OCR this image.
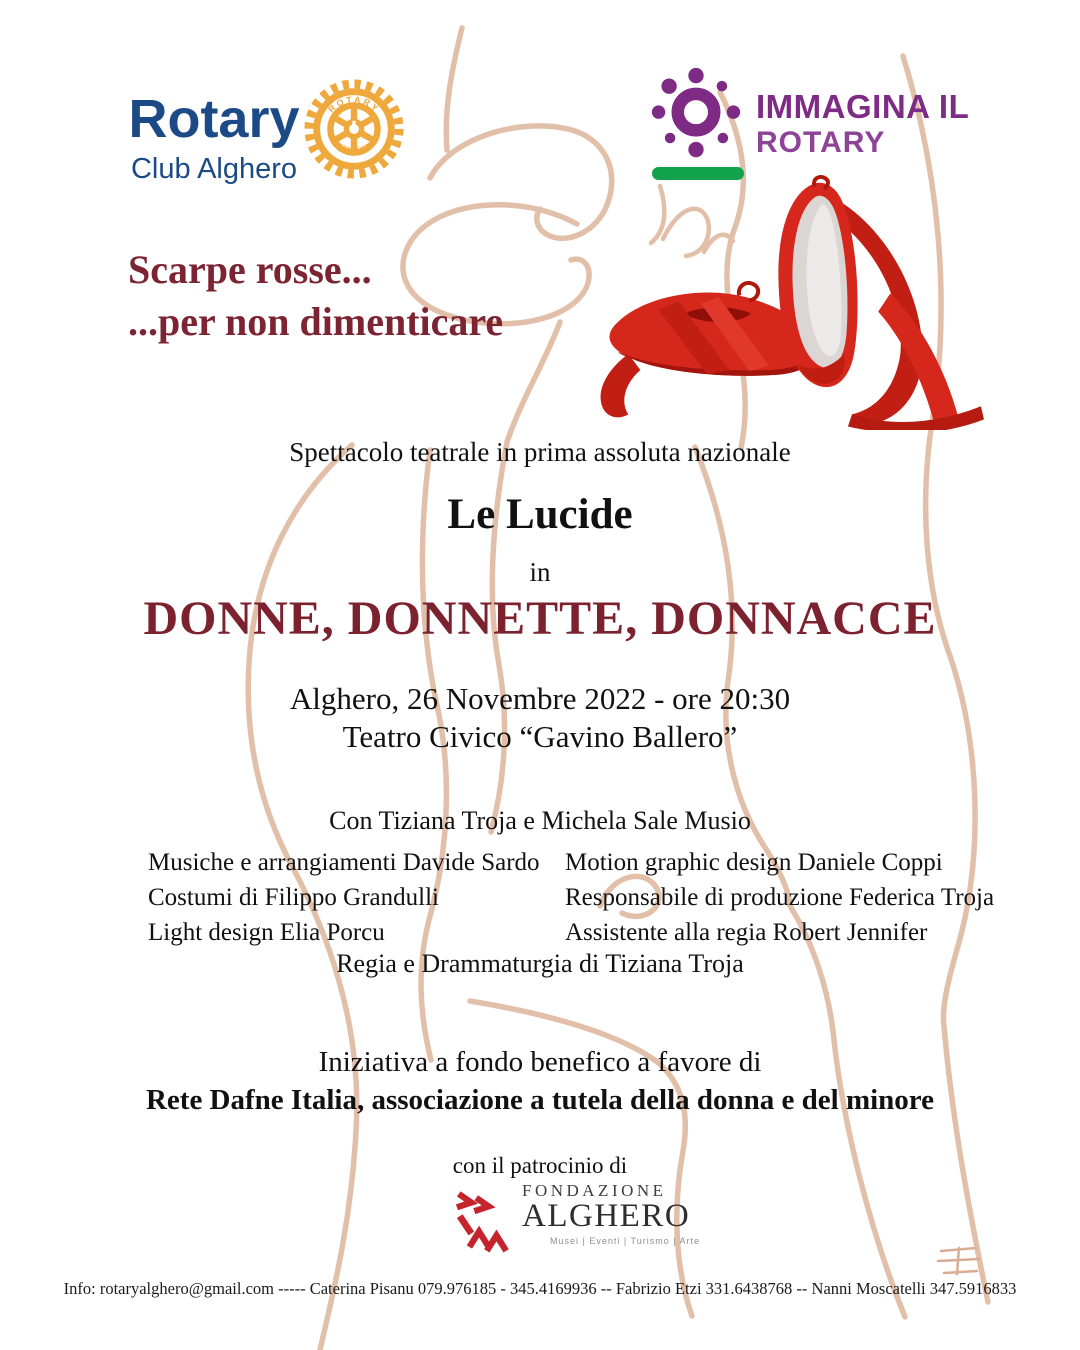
Rotary
Club Alghero
ROTARY
INTERNATIONAL
IMMAGINA IL
ROTARY
Scarpe rosse...
...per non dimenticare
Spettacolo teatrale in prima assoluta nazionale
Le Lucide
in
DONNE, DONNETTE, DONNACCE
Alghero, 26 Novembre 2022 - ore 20:30
Teatro Civico “Gavino Ballero”
Con Tiziana Troja e Michela Sale Musio
Musiche e arrangiamenti Davide Sardo
Costumi di Filippo Grandulli
Light design Elia Porcu
Motion graphic design Daniele Coppi
Responsabile di produzione Federica Troja
Assistente alla regia Robert Jennifer
Regia e Drammaturgia di Tiziana Troja
Iniziativa a fondo benefico a favore di
Rete Dafne Italia, associazione a tutela della donna e del minore
con il patrocinio di
FONDAZIONE
ALGHERO
Musei | Eventi | Turismo | Arte
Info: rotaryalghero@gmail.com ----- Caterina Pisanu 079.976185 - 345.4169936 -- Fabrizio Etzi 331.6438768 -- Nanni Moscatelli 347.5916833
